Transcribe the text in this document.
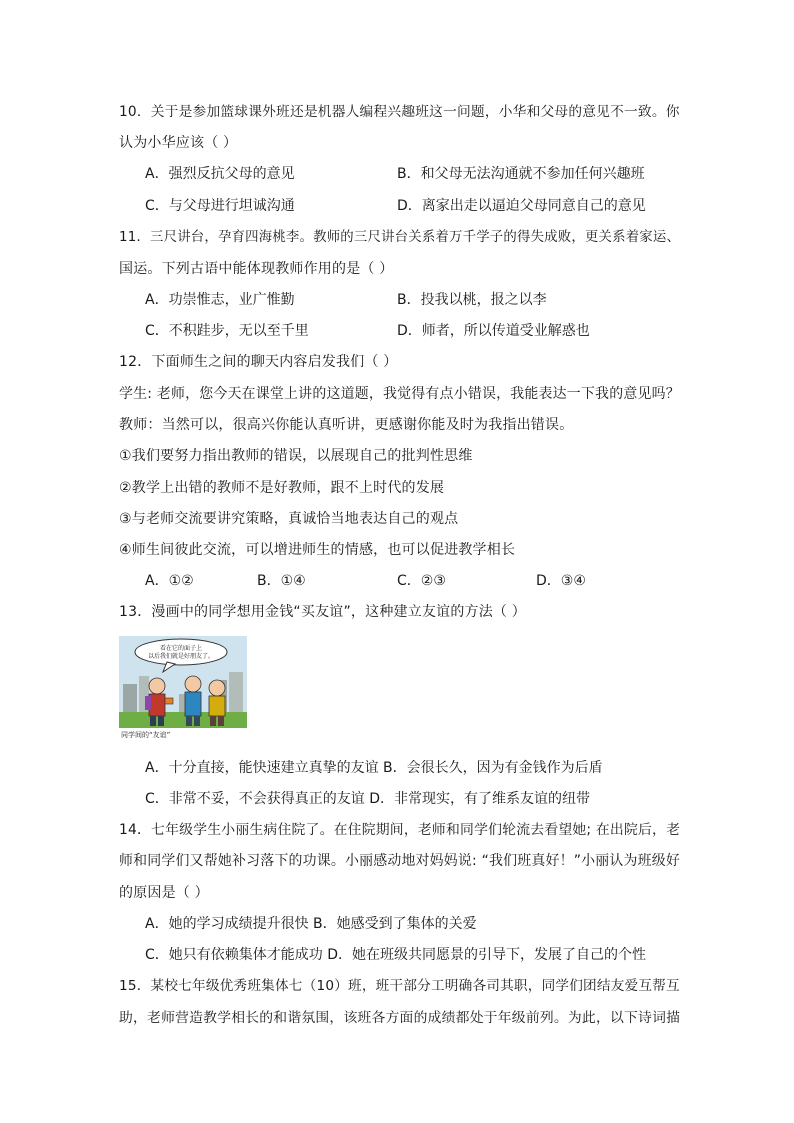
10．关于是参加篮球课外班还是机器人编程兴趣班这一问题，小华和父母的意见不一致。你
认为小华应该（ ）
A．强烈反抗父母的意见	B．和父母无法沟通就不参加任何兴趣班
C．与父母进行坦诚沟通	D．离家出走以逼迫父母同意自己的意见
11．三尺讲台，孕育四海桃李。教师的三尺讲台关系着万千学子的得失成败，更关系着家运、
国运。下列古语中能体现教师作用的是（ ）
A．功崇惟志，业广惟勤	B．投我以桃，报之以李
C．不积跬步，无以至千里	D．师者，所以传道受业解惑也
12．下面师生之间的聊天内容启发我们（ ）
学生: 老师，您今天在课堂上讲的这道题，我觉得有点小错误，我能表达一下我的意见吗？
教师：当然可以，很高兴你能认真听讲，更感谢你能及时为我指出错误。
①我们要努力指出教师的错误，以展现自己的批判性思维
②教学上出错的教师不是好教师，跟不上时代的发展
③与老师交流要讲究策略，真诚恰当地表达自己的观点
④师生间彼此交流，可以增进师生的情感，也可以促进教学相长
A．①②	B．①④	C．②③	D．③④
13．漫画中的同学想用金钱“买友谊”，这种建立友谊的方法（ ）
看在它的面子上
以后我们就是好朋友了。
同学间的“友谊”
A．十分直接，能快速建立真挚的友谊 B．会很长久，因为有金钱作为后盾
C．非常不妥，不会获得真正的友谊 D．非常现实，有了维系友谊的纽带
14．七年级学生小丽生病住院了。在住院期间，老师和同学们轮流去看望她; 在出院后，老
师和同学们又帮她补习落下的功课。小丽感动地对妈妈说: “我们班真好！”小丽认为班级好
的原因是（ ）
A．她的学习成绩提升很快 B．她感受到了集体的关爱
C．她只有依赖集体才能成功 D．她在班级共同愿景的引导下，发展了自己的个性
15．某校七年级优秀班集体七（10）班，班干部分工明确各司其职，同学们团结友爱互帮互
助，老师营造教学相长的和谐氛围，该班各方面的成绩都处于年级前列。为此，以下诗词描
